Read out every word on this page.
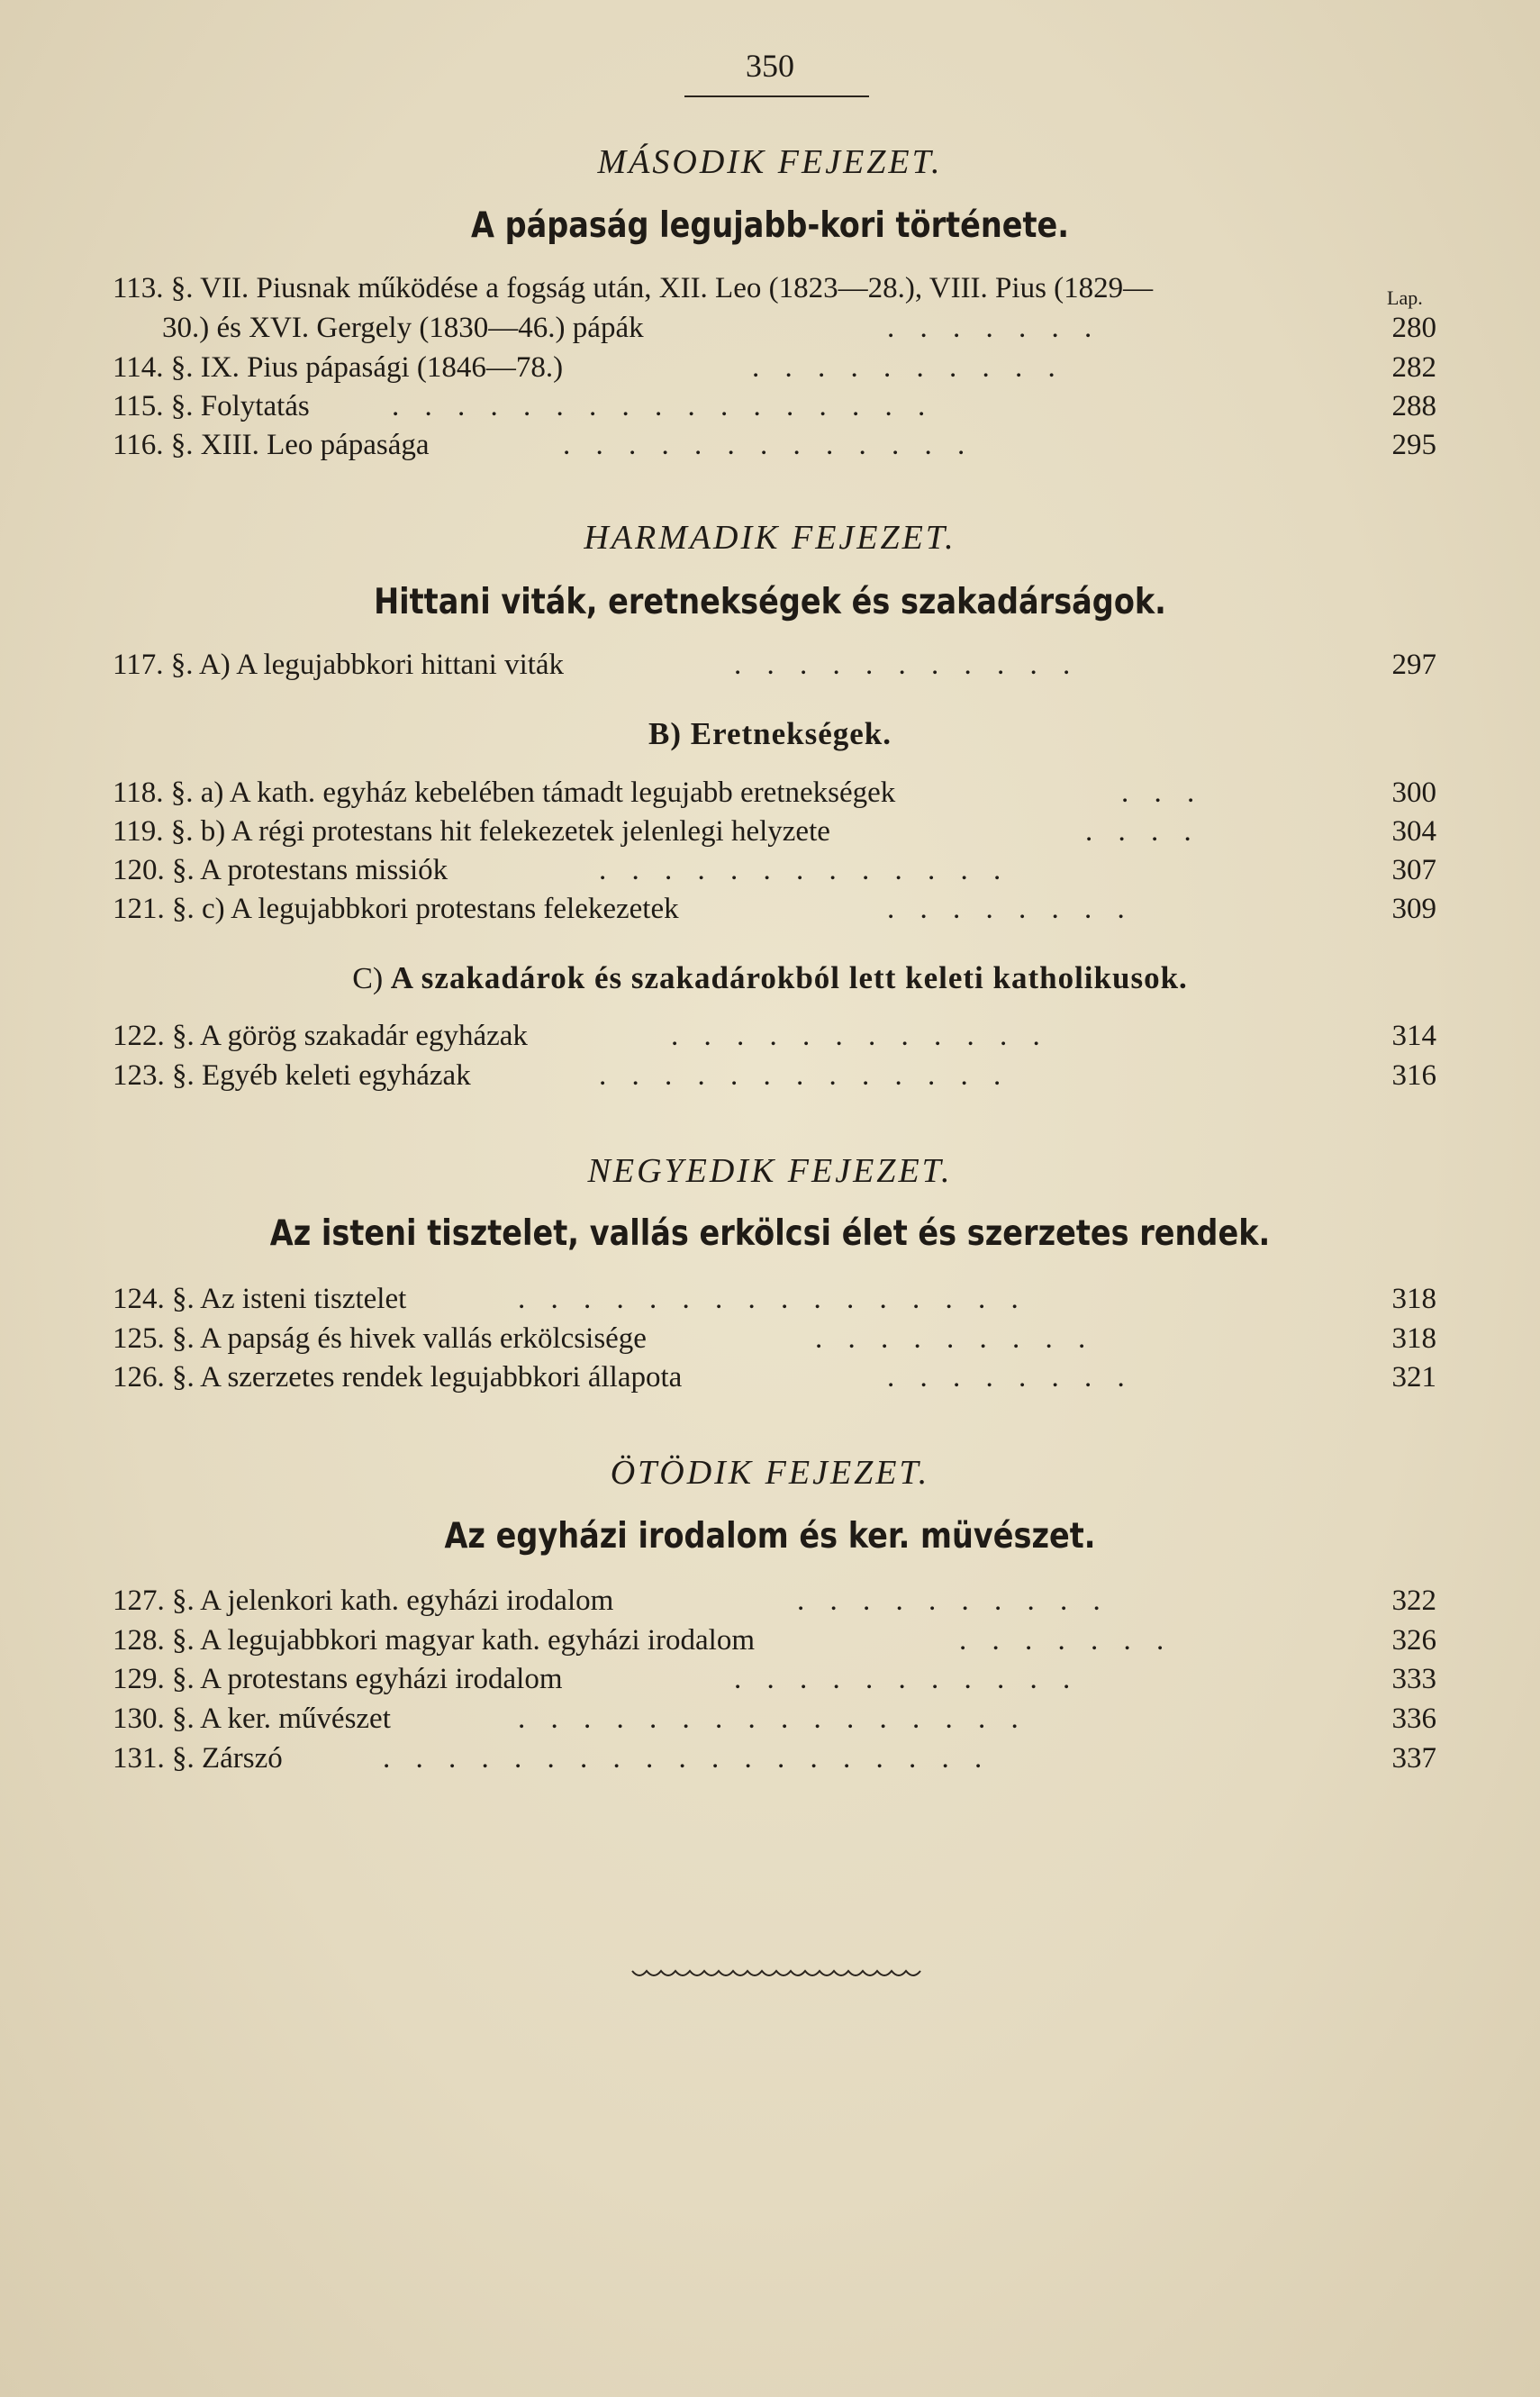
350
MÁSODIK FEJEZET.
A pápaság legujabb-kori története.
113. §. VII. Piusnak működése a fogság után, XII. Leo (1823—28.), VIII. Pius (1829—	Lap.
30.) és XVI. Gergely (1830—46.) pápák	. . . . . . .	280
114. §. IX. Pius pápasági (1846—78.)	. . . . . . . . . .	282
115. §. Folytatás	. . . . . . . . . . . . . . . . .	288
116. §. XIII. Leo pápasága	. . . . . . . . . . . . .	295
HARMADIK FEJEZET.
Hittani viták, eretnekségek és szakadárságok.
117. §. A) A legujabbkori hittani viták	. . . . . . . . . . .	297
B) Eretnekségek.
118. §. a) A kath. egyház kebelében támadt legujabb eretnekségek	. . .	300
119. §. b) A régi protestans hit felekezetek jelenlegi helyzete	. . . .	304
120. §. A protestans missiók	. . . . . . . . . . . . .	307
121. §. c) A legujabbkori protestans felekezetek	. . . . . . . .	309
C) A szakadárok és szakadárokból lett keleti katholikusok.
122. §. A görög szakadár egyházak	. . . . . . . . . . . .	314
123. §. Egyéb keleti egyházak	. . . . . . . . . . . . .	316
NEGYEDIK FEJEZET.
Az isteni tisztelet, vallás erkölcsi élet és szerzetes rendek.
124. §. Az isteni tisztelet	. . . . . . . . . . . . . . . .	318
125. §. A papság és hivek vallás erkölcsisége	. . . . . . . . .	318
126. §. A szerzetes rendek legujabbkori állapota	. . . . . . . .	321
ÖTÖDIK FEJEZET.
Az egyházi irodalom és ker. müvészet.
127. §. A jelenkori kath. egyházi irodalom	. . . . . . . . . .	322
128. §. A legujabbkori magyar kath. egyházi irodalom	. . . . . . .	326
129. §. A protestans egyházi irodalom	. . . . . . . . . . .	333
130. §. A ker. művészet	. . . . . . . . . . . . . . . .	336
131. §. Zárszó	. . . . . . . . . . . . . . . . . . .	337
